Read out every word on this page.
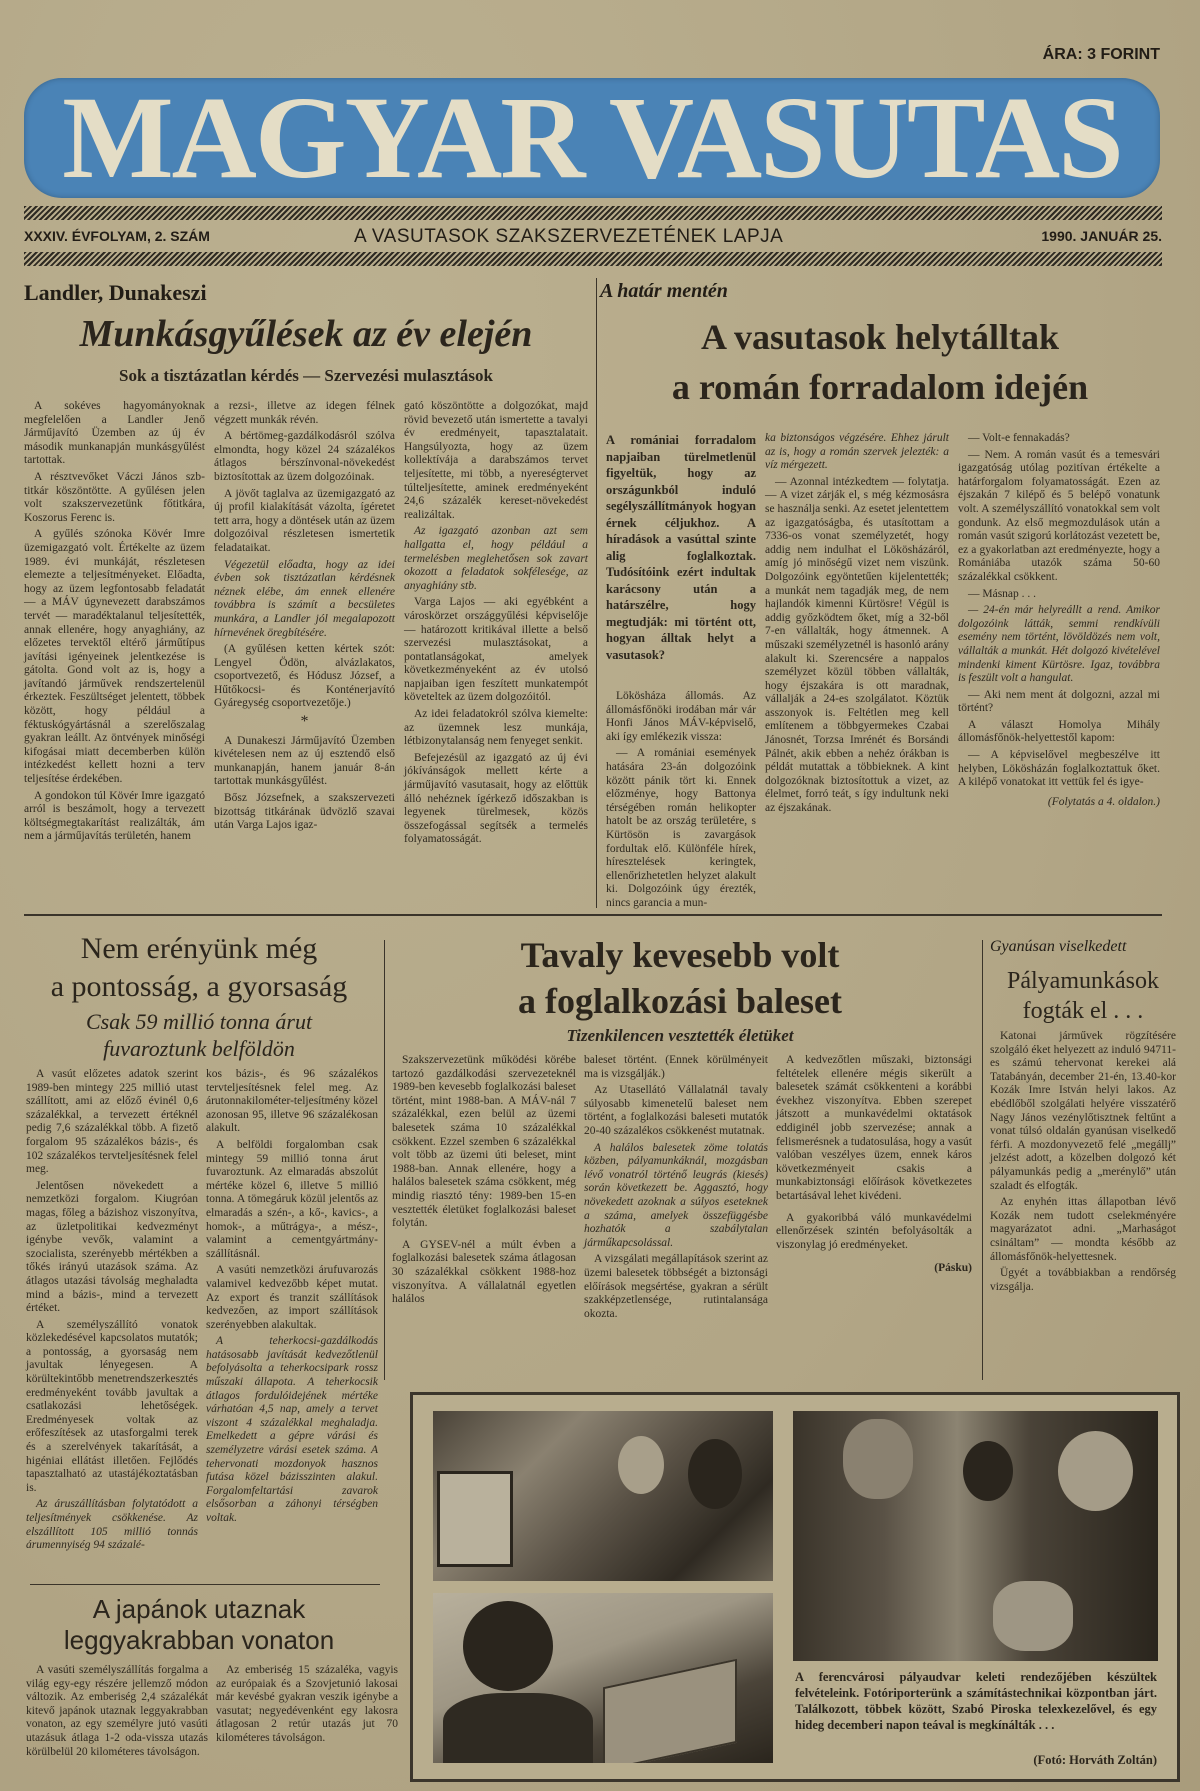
ÁRA: 3 FORINT
MAGYAR VASUTAS
XXXIV. ÉVFOLYAM, 2. SZÁM	A VASUTASOK SZAKSZERVEZETÉNEK LAPJA	1990. JANUÁR 25.
Landler, Dunakeszi
Munkásgyűlések az év elején
Sok a tisztázatlan kérdés — Szervezési mulasztások

A sokéves hagyományoknak megfelelően a Landler Jenő Járműjavító Üzemben az új év második munkanapján munkásgyűlést tartottak.

A résztvevőket Váczi János szb-titkár köszöntötte. A gyűlésen jelen volt szakszervezetünk főtitkára, Koszorus Ferenc is.

A gyűlés szónoka Kövér Imre üzemigazgató volt. Értékelte az üzem 1989. évi munkáját, részletesen elemezte a teljesítményeket. Előadta, hogy az üzem legfontosabb feladatát — a MÁV úgynevezett darabszámos tervét — maradéktalanul teljesítették, annak ellenére, hogy anyaghiány, az előzetes tervektől eltérő járműtípus javítási igényeinek jelentkezése is gátolta. Gond volt az is, hogy a javítandó járművek rendszertelenül érkeztek. Feszültséget jelentett, többek között, hogy például a féktuskógyártásnál a szerelőszalag gyakran leállt. Az öntvények minőségi kifogásai miatt decemberben külön intézkedést kellett hozni a terv teljesítése érdekében.

A gondokon túl Kövér Imre igazgató arról is beszámolt, hogy a tervezett költségmegtakarítást realizálták, ám nem a járműjavítás területén, hanem

a rezsi-, illetve az idegen félnek végzett munkák révén.

A bértömeg-gazdálkodásról szólva elmondta, hogy közel 24 százalékos átlagos bérszínvonal-növekedést biztosítottak az üzem dolgozóinak.

A jövőt taglalva az üzemigazgató az új profil kialakítását vázolta, ígéretet tett arra, hogy a döntések után az üzem dolgozóival részletesen ismertetik feladataikat.

Végezetül előadta, hogy az idei évben sok tisztázatlan kérdésnek néznek elébe, ám ennek ellenére továbbra is számít a becsületes munkára, a Landler jól megalapozott hírnevének öregbítésére.

(A gyűlésen ketten kértek szót: Lengyel Ödön, alvázlakatos, csoportvezető, és Hódusz József, a Hűtőkocsi- és Konténerjavító Gyáregység csoportvezetője.)

*

A Dunakeszi Járműjavító Üzemben kivételesen nem az új esztendő első munkanapján, hanem január 8-án tartottak munkásgyűlést.

Bősz Józsefnek, a szakszervezeti bizottság titkárának üdvözlő szavai után Varga Lajos igaz-

gató köszöntötte a dolgozókat, majd rövid bevezető után ismertette a tavalyi év eredményeit, tapasztalatait. Hangsúlyozta, hogy az üzem kollektívája a darabszámos tervet teljesítette, mi több, a nyereségtervet túlteljesítette, aminek eredményeként 24,6 százalék kereset-növekedést realizáltak.

Az igazgató azonban azt sem hallgatta el, hogy például a termelésben meglehetősen sok zavart okozott a feladatok sokfélesége, az anyaghiány stb.

Varga Lajos — aki egyébként a városkörzet országgyűlési képviselője — határozott kritikával illette a belső szervezési mulasztásokat, a pontatlanságokat, amelyek következményeként az év utolsó napjaiban igen feszített munkatempót követeltek az üzem dolgozóitól.

Az idei feladatokról szólva kiemelte: az üzemnek lesz munkája, létbizonytalanság nem fenyeget senkit.

Befejezésül az igazgató az új évi jókívánságok mellett kérte a járműjavító vasutasait, hogy az előttük álló nehéznek ígérkező időszakban is legyenek türelmesek, közös összefogással segítsék a termelés folyamatosságát.

A határ mentén
A vasutasok helytálltak
a román forradalom idején

A romániai forradalom napjaiban türelmetlenül figyeltük, hogy az országunkból induló segélyszállítmányok hogyan érnek céljukhoz. A híradások a vasúttal szinte alig foglalkoztak. Tudósítóink ezért indultak karácsony után a határszélre, hogy megtudják: mi történt ott, hogyan álltak helyt a vasutasok?

Lökösháza állomás. Az állomásfőnöki irodában már vár Honfi János MÁV-képviselő, aki így emlékezik vissza:

— A romániai események hatására 23-án dolgozóink között pánik tört ki. Ennek előzménye, hogy Battonya térségében román helikopter hatolt be az ország területére, s Kürtösön is zavargások fordultak elő. Különféle hírek, híresztelések keringtek, ellenőrizhetetlen helyzet alakult ki. Dolgozóink úgy érezték, nincs garancia a mun-

ka biztonságos végzésére. Ehhez járult az is, hogy a román szervek jelezték: a víz mérgezett.

— Azonnal intézkedtem — folytatja. — A vizet zárják el, s még kézmosásra se használja senki. Az esetet jelentettem az igazgatóságba, és utasítottam a 7336-os vonat személyzetét, hogy addig nem indulhat el Lökösházáról, amíg jó minőségű vizet nem viszünk. Dolgozóink egyöntetűen kijelentették; a munkát nem tagadják meg, de nem hajlandók kimenni Kürtösre! Végül is addig győzködtem őket, míg a 32-ből 7-en vállalták, hogy átmennek. A műszaki személyzetnél is hasonló arány alakult ki. Szerencsére a nappalos személyzet közül többen vállalták, hogy éjszakára is ott maradnak, vállalják a 24-es szolgálatot. Köztük asszonyok is. Feltétlen meg kell említenem a többgyermekes Czabai Jánosnét, Torzsa Imrénét és Borsándi Pálnét, akik ebben a nehéz órákban is példát mutattak a többieknek. A kint dolgozóknak biztosítottuk a vizet, az élelmet, forró teát, s így indultunk neki az éjszakának.

— Volt-e fennakadás?

— Nem. A román vasút és a temesvári igazgatóság utólag pozitívan értékelte a határforgalom folyamatosságát. Ezen az éjszakán 7 kilépő és 5 belépő vonatunk volt. A személyszállító vonatokkal sem volt gondunk. Az első megmozdulások után a román vasút szigorú korlátozást vezetett be, ez a gyakorlatban azt eredményezte, hogy a Romániába utazók száma 50-60 százalékkal csökkent.

— Másnap . . .

— 24-én már helyreállt a rend. Amikor dolgozóink látták, semmi rendkívüli esemény nem történt, lövöldözés nem volt, vállalták a munkát. Hét dolgozó kivételével mindenki kiment Kürtösre. Igaz, továbbra is feszült volt a hangulat.

— Aki nem ment át dolgozni, azzal mi történt?

A választ Homolya Mihály állomásfőnök-helyettestől kapom:

— A képviselővel megbeszélve itt helyben, Lökösházán foglalkoztattuk őket. A kilépő vonatokat itt vettük fel és igye-

(Folytatás a 4. oldalon.)

Nem erényünk még
a pontosság, a gyorsaság
Csak 59 millió tonna árut
fuvaroztunk belföldön

A vasút előzetes adatok szerint 1989-ben mintegy 225 millió utast szállított, ami az előző évinél 0,6 százalékkal, a tervezett értéknél pedig 7,6 százalékkal több. A fizető forgalom 95 százalékos bázis-, és 102 százalékos tervteljesítésnek felel meg.

Jelentősen növekedett a nemzetközi forgalom. Kiugróan magas, főleg a bázishoz viszonyítva, az üzletpolitikai kedvezményt igénybe vevők, valamint a szocialista, szerényebb mértékben a tőkés irányú utazások száma. Az átlagos utazási távolság meghaladta mind a bázis-, mind a tervezett értéket.

A személyszállító vonatok közlekedésével kapcsolatos mutatók; a pontosság, a gyorsaság nem javultak lényegesen. A körültekintőbb menetrendszerkesztés eredményeként tovább javultak a csatlakozási lehetőségek. Eredményesek voltak az erőfeszítések az utasforgalmi terek és a szerelvények takarítását, a higéniai ellátást illetően. Fejlődés tapasztalható az utastájékoztatásban is.

Az áruszállításban folytatódott a teljesítmények csökkenése. Az elszállított 105 millió tonnás árumennyiség 94 százalé-

kos bázis-, és 96 százalékos tervteljesítésnek felel meg. Az árutonnakilométer-teljesítmény közel azonosan 95, illetve 96 százalékosan alakult.

A belföldi forgalomban csak mintegy 59 millió tonna árut fuvaroztunk. Az elmaradás abszolút mértéke közel 6, illetve 5 millió tonna. A tömegáruk közül jelentős az elmaradás a szén-, a kő-, kavics-, a homok-, a műtrágya-, a mész-, valamint a cementgyártmány-szállításnál.

A vasúti nemzetközi árufuvarozás valamivel kedvezőbb képet mutat. Az export és tranzit szállítások kedvezően, az import szállítások szerényebben alakultak.

A teherkocsi-gazdálkodás hatásosabb javítását kedvezőtlenül befolyásolta a teherkocsipark rossz műszaki állapota. A teherkocsik átlagos fordulóidejének mértéke várhatóan 4,5 nap, amely a tervet viszont 4 százalékkal meghaladja. Emelkedett a gépre várási és személyzetre várási esetek száma. A tehervonati mozdonyok hasznos futása közel bázisszinten alakul. Forgalomfeltartási zavarok elsősorban a záhonyi térségben voltak.

Tavaly kevesebb volt
a foglalkozási baleset
Tizenkilencen vesztették életüket

Szakszervezetünk működési körébe tartozó gazdálkodási szervezeteknél 1989-ben kevesebb foglalkozási baleset történt, mint 1988-ban. A MÁV-nál 7 százalékkal, ezen belül az üzemi balesetek száma 10 százalékkal csökkent. Ezzel szemben 6 százalékkal volt több az üzemi úti beleset, mint 1988-ban. Annak ellenére, hogy a halálos balesetek száma csökkent, még mindig riasztó tény: 1989-ben 15-en vesztették életüket foglalkozási baleset folytán.

A GYSEV-nél a múlt évben a foglalkozási balesetek száma átlagosan 30 százalékkal csökkent 1988-hoz viszonyítva. A vállalatnál egyetlen halálos

baleset történt. (Ennek körülményeit ma is vizsgálják.)

Az Utasellátó Vállalatnál tavaly súlyosabb kimenetelű baleset nem történt, a foglalkozási baleseti mutatók 20-40 százalékos csökkenést mutatnak.

A halálos balesetek zöme tolatás közben, pályamunkáknál, mozgásban lévő vonatról történő leugrás (kiesés) során következett be. Aggasztó, hogy növekedett azoknak a súlyos eseteknek a száma, amelyek összefüggésbe hozhatók a szabálytalan járműkapcsolással.

A vizsgálati megállapítások szerint az üzemi balesetek többségét a biztonsági előírások megsértése, gyakran a sérült szakképzetlensége, rutintalansága okozta.

A kedvezőtlen műszaki, biztonsági feltételek ellenére mégis sikerült a balesetek számát csökkenteni a korábbi évekhez viszonyítva. Ebben szerepet játszott a munkavédelmi oktatások eddiginél jobb szervezése; annak a felismerésnek a tudatosulása, hogy a vasút valóban veszélyes üzem, ennek káros következményeit csakis a munkabiztonsági előírások következetes betartásával lehet kivédeni.

A gyakoribbá váló munkavédelmi ellenőrzések szintén befolyásolták a viszonylag jó eredményeket.

(Pásku)

Gyanúsan viselkedett
Pályamunkások
fogták el . . .

Katonai járművek rögzítésére szolgáló éket helyezett az induló 94711-es számú tehervonat kerekei alá Tatabányán, december 21-én, 13.40-kor Kozák Imre István helyi lakos. Az ebédlőből szolgálati helyére visszatérő Nagy János vezénylőtisztnek feltűnt a vonat túlsó oldalán gyanúsan viselkedő férfi. A mozdonyvezető felé „megállj” jelzést adott, a közelben dolgozó két pályamunkás pedig a „merénylő” után szaladt és elfogták.

Az enyhén ittas állapotban lévő Kozák nem tudott cselekményére magyarázatot adni. „Marhaságot csináltam” — mondta később az állomásfőnök-helyettesnek.

Ügyét a továbbiakban a rendőrség vizsgálja.

A japánok utaznak
leggyakrabban vonaton

A vasúti személyszállítás forgalma a világ egy-egy részére jellemző módon változik. Az emberiség 2,4 százalékát kitevő japánok utaznak leggyakrabban vonaton, az egy személyre jutó vasúti utazásuk átlaga 1-2 oda-vissza utazás körülbelül 20 kilométeres távolságon.

Az emberiség 15 százaléka, vagyis az európaiak és a Szovjetunió lakosai már kevésbé gyakran veszik igénybe a vasutat; negyedévenként egy lakosra átlagosan 2 retúr utazás jut 70 kilométeres távolságon.

A ferencvárosi pályaudvar keleti rendezőjében készültek felvételeink. Fotóriporterünk a számítástechnikai központban járt. Találkozott, többek között, Szabó Piroska telexkezelővel, és egy hideg decemberi napon teával is megkínálták . . .
(Fotó: Horváth Zoltán)
